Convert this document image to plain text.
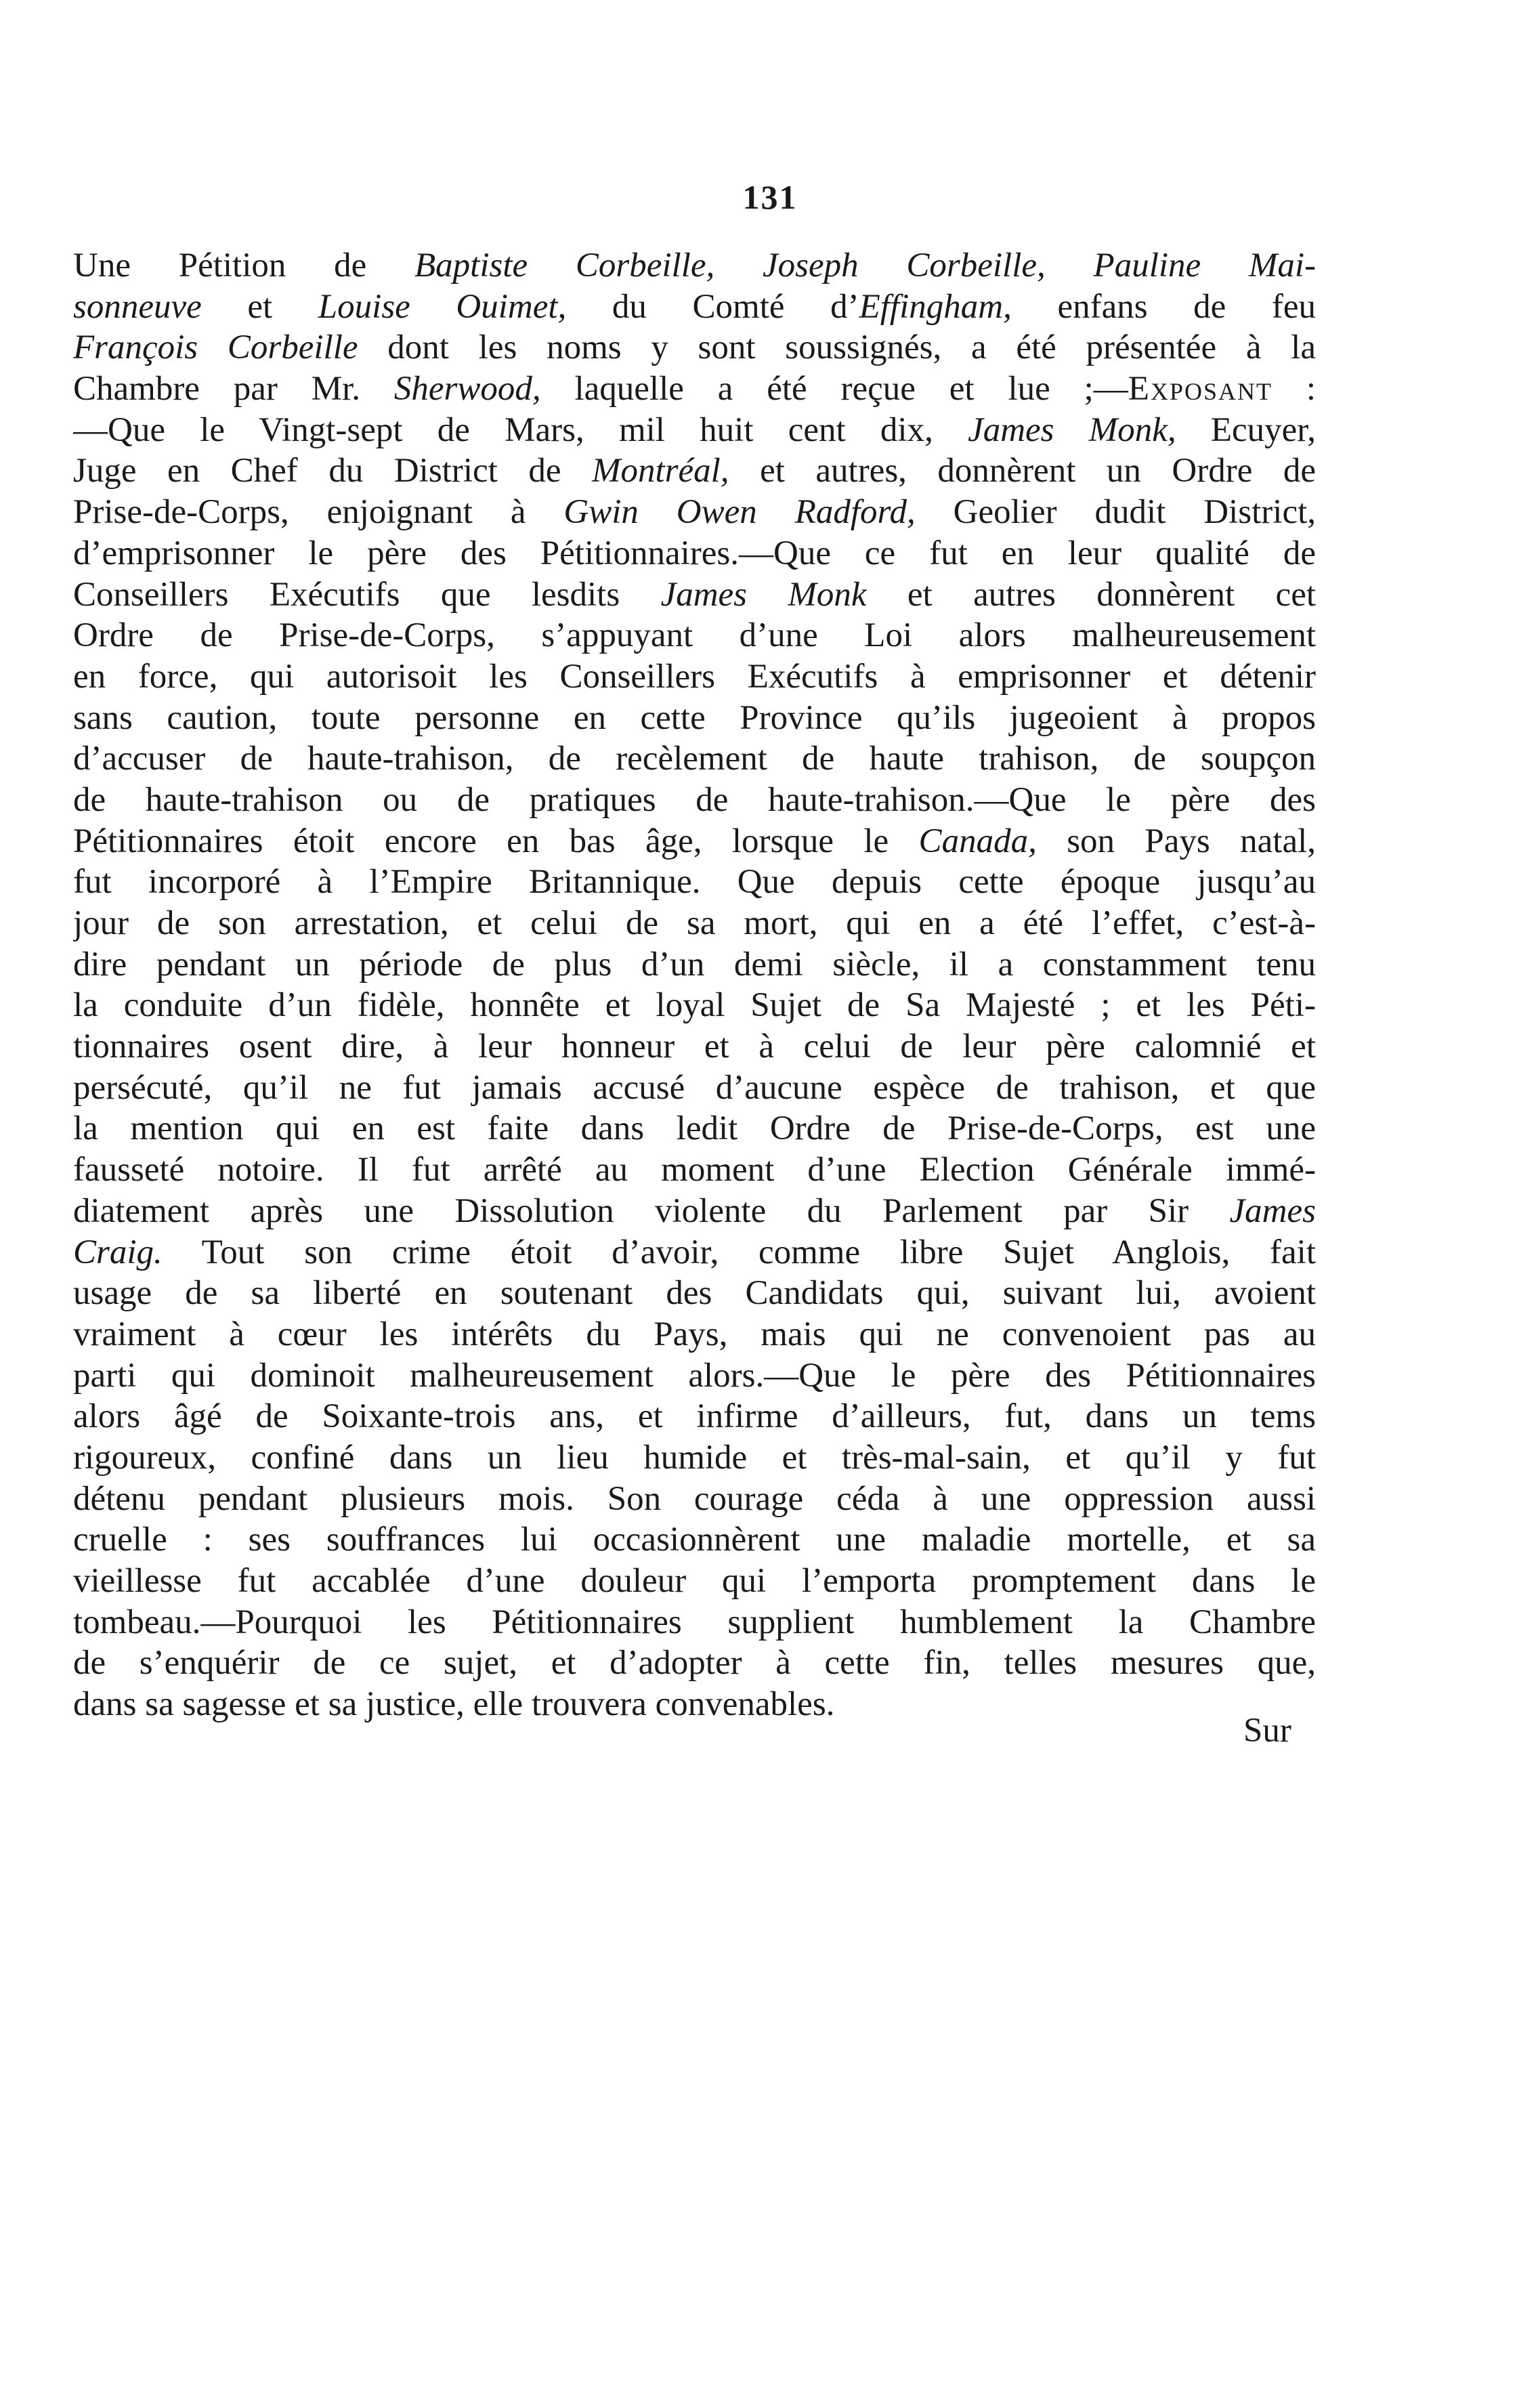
131
Une Pétition de Baptiste Corbeille, Joseph Corbeille, Pauline Mai-
sonneuve et Louise Ouimet, du Comté d’Effingham, enfans de feu
François Corbeille dont les noms y sont soussignés, a été présentée à la
Chambre par Mr. Sherwood, laquelle a été reçue et lue ;—Exposant :
—Que le Vingt-sept de Mars, mil huit cent dix, James Monk, Ecuyer,
Juge en Chef du District de Montréal, et autres, donnèrent un Ordre de
Prise-de-Corps, enjoignant à Gwin Owen Radford, Geolier dudit District,
d’emprisonner le père des Pétitionnaires.—Que ce fut en leur qualité de
Conseillers Exécutifs que lesdits James Monk et autres donnèrent cet
Ordre de Prise-de-Corps, s’appuyant d’une Loi alors malheureusement
en force, qui autorisoit les Conseillers Exécutifs à emprisonner et détenir
sans caution, toute personne en cette Province qu’ils jugeoient à propos
d’accuser de haute-trahison, de recèlement de haute trahison, de soupçon
de haute-trahison ou de pratiques de haute-trahison.—Que le père des
Pétitionnaires étoit encore en bas âge, lorsque le Canada, son Pays natal,
fut incorporé à l’Empire Britannique. Que depuis cette époque jusqu’au
jour de son arrestation, et celui de sa mort, qui en a été l’effet, c’est-à-
dire pendant un période de plus d’un demi siècle, il a constamment tenu
la conduite d’un fidèle, honnête et loyal Sujet de Sa Majesté ; et les Péti-
tionnaires osent dire, à leur honneur et à celui de leur père calomnié et
persécuté, qu’il ne fut jamais accusé d’aucune espèce de trahison, et que
la mention qui en est faite dans ledit Ordre de Prise-de-Corps, est une
fausseté notoire. Il fut arrêté au moment d’une Election Générale immé-
diatement après une Dissolution violente du Parlement par Sir James
Craig. Tout son crime étoit d’avoir, comme libre Sujet Anglois, fait
usage de sa liberté en soutenant des Candidats qui, suivant lui, avoient
vraiment à cœur les intérêts du Pays, mais qui ne convenoient pas au
parti qui dominoit malheureusement alors.—Que le père des Pétitionnaires
alors âgé de Soixante-trois ans, et infirme d’ailleurs, fut, dans un tems
rigoureux, confiné dans un lieu humide et très-mal-sain, et qu’il y fut
détenu pendant plusieurs mois. Son courage céda à une oppression aussi
cruelle : ses souffrances lui occasionnèrent une maladie mortelle, et sa
vieillesse fut accablée d’une douleur qui l’emporta promptement dans le
tombeau.—Pourquoi les Pétitionnaires supplient humblement la Chambre
de s’enquérir de ce sujet, et d’adopter à cette fin, telles mesures que,
dans sa sagesse et sa justice, elle trouvera convenables.
Sur
